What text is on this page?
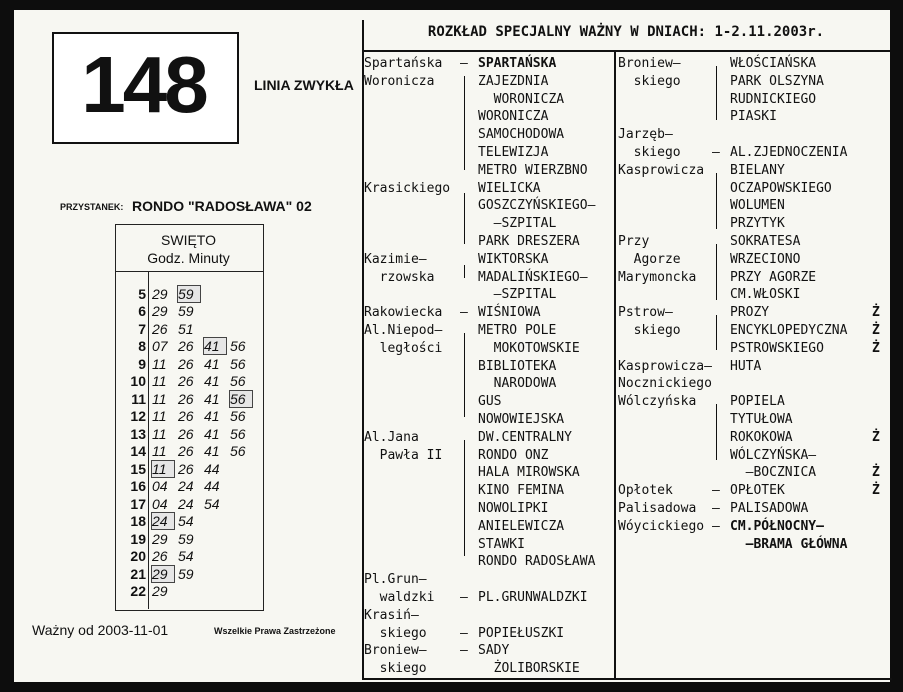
148	LINIA ZWYKŁA
PRZYSTANEK: RONDO "RADOSŁAWA" 02
SWIĘTO
Godz. Minuty
5 29 59
6 29 59
7 26 51
8 07 26 41 56
9 11 26 41 56
10 11 26 41 56
11 11 26 41 56
12 11 26 41 56
13 11 26 41 56
14 11 26 41 56
15 11 26 44
16 04 24 44
17 04 24 54
18 24 54
19 29 59
20 26 54
21 29 59
22 29
Ważny od 2003-11-01	Wszelkie Prawa Zastrzeżone
ROZKŁAD SPECJALNY WAŻNY W DNIACH: 1-2.11.2003r.
Spartańska – SPARTAŃSKA
Woronicza	ZAJEZDNIA
WORONICZA
WORONICZA
SAMOCHODOWA
TELEWIZJA
METRO WIERZBNO
Krasickiego WIELICKA
GOSZCZYŃSKIEGO–
–SZPITAL
PARK DRESZERA
Kazimie–	WIKTORSKA
rzowska	MADALIŃSKIEGO–
–SZPITAL
Rakowiecka – WIŚNIOWA
Al.Niepod–	METRO POLE
ległości	MOKOTOWSKIE
BIBLIOTEKA
NARODOWA
GUS
NOWOWIEJSKA
Al.Jana	DW.CENTRALNY
Pawła II	RONDO ONZ
HALA MIROWSKA
KINO FEMINA
NOWOLIPKI
ANIELEWICZA
STAWKI
RONDO RADOSŁAWA
Pl.Grun–
waldzki – PL.GRUNWALDZKI
Krasiń–
skiego	– POPIEŁUSZKI
Broniew–	– SADY
skiego	ŻOLIBORSKIE
Broniew–	WŁOŚCIAŃSKA
skiego	PARK OLSZYNA
RUDNICKIEGO
PIASKI
Jarzęb–
skiego – AL.ZJEDNOCZENIA
Kasprowicza BIELANY
OCZAPOWSKIEGO
WOLUMEN
PRZYTYK
Przy	SOKRATESA
Agorze	WRZECIONO
Marymoncka	PRZY AGORZE
CM.WŁOSKI
Pstrow–	PROZY	Ż
skiego	ENCYKLOPEDYCZNA Ż
PSTROWSKIEGO	Ż
Kasprowicza– HUTA
Nocznickiego
Wólczyńska	POPIELA
TYTUŁOWA
ROKOKOWA	Ż
WÓLCZYŃSKA–
–BOCZNICA	Ż
Opłotek	– OPŁOTEK	Ż
Palisadowa – PALISADOWA
Wóycickiego – CM.PÓŁNOCNY–
–BRAMA GŁÓWNA
